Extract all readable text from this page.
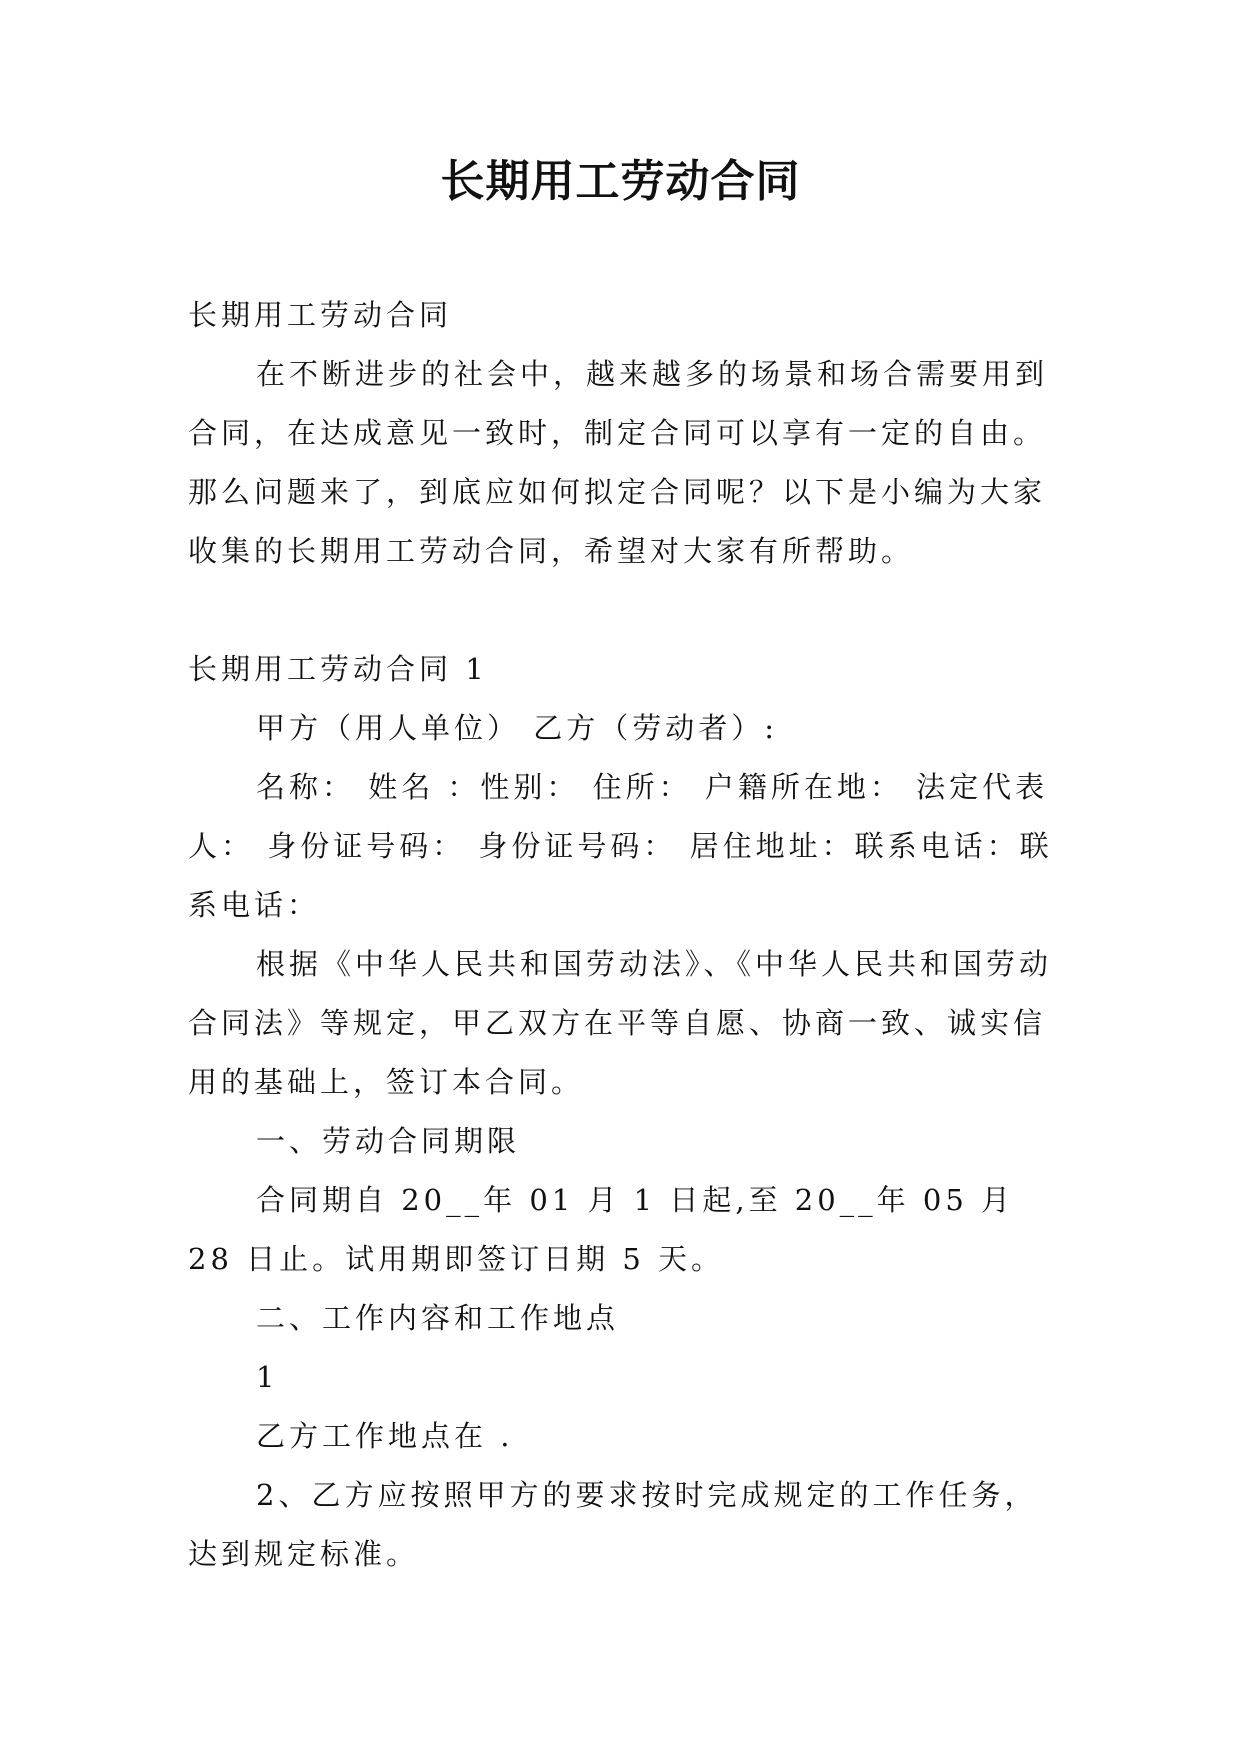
长期用工劳动合同

长期用工劳动合同

在不断进步的社会中，越来越多的场景和场合需要用到合同，在达成意见一致时，制定合同可以享有一定的自由。那么问题来了，到底应如何拟定合同呢？以下是小编为大家收集的长期用工劳动合同，希望对大家有所帮助。

长期用工劳动合同 1

甲方（用人单位） 乙方（劳动者）:

名称： 姓名 ：性别： 住所： 户籍所在地： 法定代表人： 身份证号码： 身份证号码： 居住地址：联系电话：联系电话：

根据《中华人民共和国劳动法》、《中华人民共和国劳动合同法》等规定，甲乙双方在平等自愿、协商一致、诚实信用的基础上，签订本合同。

一、劳动合同期限

合同期自 20__年 01 月 1 日起,至 20__年 05 月 28 日止。试用期即签订日期 5 天。

二、工作内容和工作地点

1

乙方工作地点在 .

2、乙方应按照甲方的要求按时完成规定的工作任务，达到规定标准。
